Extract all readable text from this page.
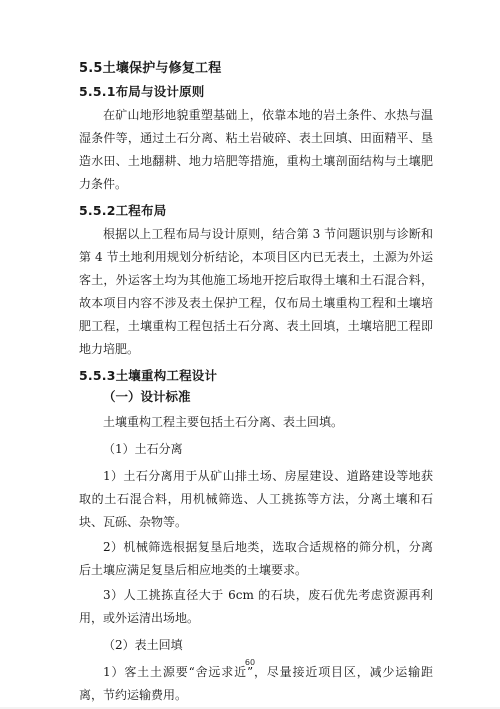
5.5土壤保护与修复工程
5.5.1布局与设计原则
在矿山地形地貌重塑基础上，依靠本地的岩土条件、水热与温湿条件等，通过土石分离、粘土岩破碎、表土回填、田面精平、垦造水田、土地翻耕、地力培肥等措施，重构土壤剖面结构与土壤肥力条件。
5.5.2工程布局
根据以上工程布局与设计原则，结合第 3 节问题识别与诊断和第 4 节土地利用规划分析结论，本项目区内已无表土，土源为外运客土，外运客土均为其他施工场地开挖后取得土壤和土石混合料，故本项目内容不涉及表土保护工程，仅布局土壤重构工程和土壤培肥工程，土壤重构工程包括土石分离、表土回填，土壤培肥工程即地力培肥。
5.5.3土壤重构工程设计
（一）设计标准
土壤重构工程主要包括土石分离、表土回填。
（1）土石分离
1）土石分离用于从矿山排土场、房屋建设、道路建设等地获取的土石混合料，用机械筛选、人工挑拣等方法，分离土壤和石块、瓦砾、杂物等。
2）机械筛选根据复垦后地类，选取合适规格的筛分机，分离后土壤应满足复垦后相应地类的土壤要求。
3）人工挑拣直径大于 6cm 的石块，废石优先考虑资源再利用，或外运清出场地。
（2）表土回填
1）客土土源要“舍远求近”，尽量接近项目区，减少运输距离，节约运输费用。
60
